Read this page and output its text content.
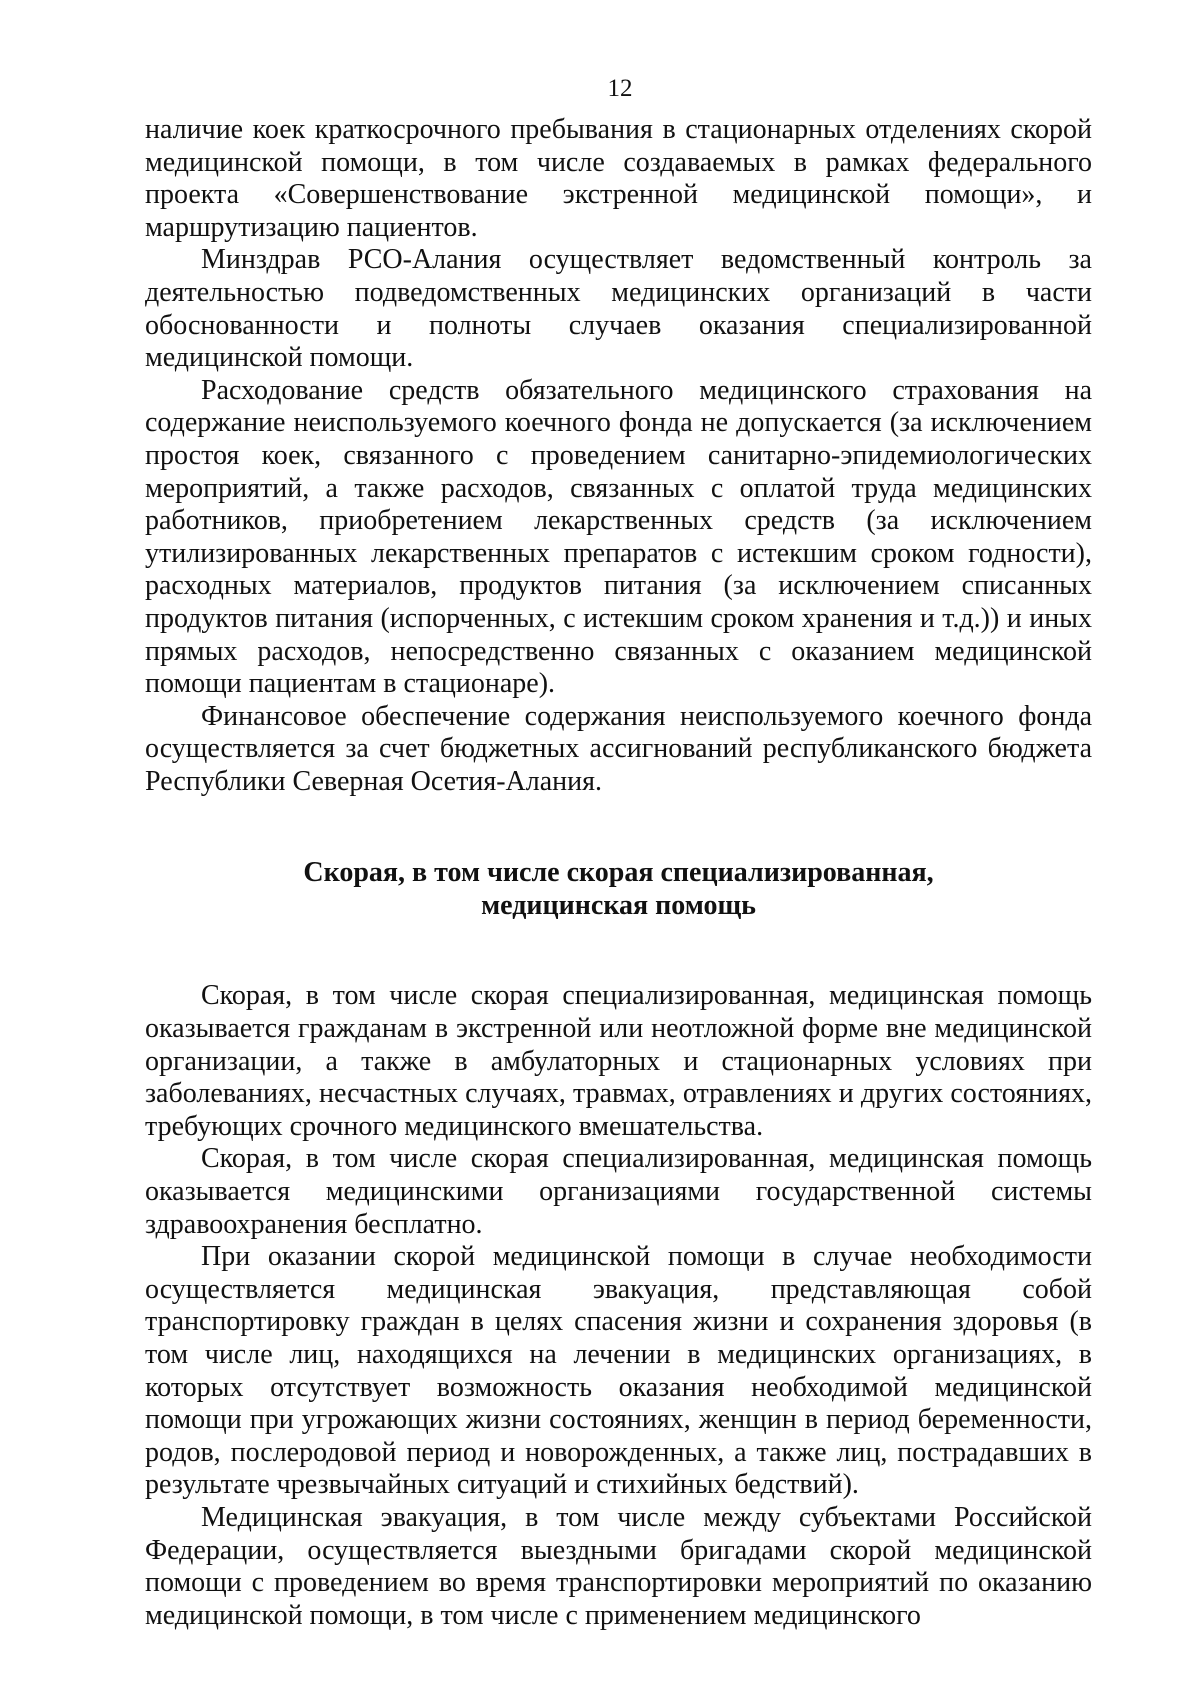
12

наличие коек краткосрочного пребывания в стационарных отделениях скорой медицинской помощи, в том числе создаваемых в рамках федерального проекта «Совершенствование экстренной медицинской помощи», и маршрутизацию пациентов.

Минздрав РСО-Алания осуществляет ведомственный контроль за деятельностью подведомственных медицинских организаций в части обоснованности и полноты случаев оказания специализированной медицинской помощи.

Расходование средств обязательного медицинского страхования на содержание неиспользуемого коечного фонда не допускается (за исключением простоя коек, связанного с проведением санитарно-эпидемиологических мероприятий, а также расходов, связанных с оплатой труда медицинских работников, приобретением лекарственных средств (за исключением утилизированных лекарственных препаратов с истекшим сроком годности), расходных материалов, продуктов питания (за исключением списанных продуктов питания (испорченных, с истекшим сроком хранения и т.д.)) и иных прямых расходов, непосредственно связанных с оказанием медицинской помощи пациентам в стационаре).

Финансовое обеспечение содержания неиспользуемого коечного фонда осуществляется за счет бюджетных ассигнований республиканского бюджета Республики Северная Осетия-Алания.

Скорая, в том числе скорая специализированная,
медицинская помощь

Скорая, в том числе скорая специализированная, медицинская помощь оказывается гражданам в экстренной или неотложной форме вне медицинской организации, а также в амбулаторных и стационарных условиях при заболеваниях, несчастных случаях, травмах, отравлениях и других состояниях, требующих срочного медицинского вмешательства.

Скорая, в том числе скорая специализированная, медицинская помощь оказывается медицинскими организациями государственной системы здравоохранения бесплатно.

При оказании скорой медицинской помощи в случае необходимости осуществляется медицинская эвакуация, представляющая собой транспортировку граждан в целях спасения жизни и сохранения здоровья (в том числе лиц, находящихся на лечении в медицинских организациях, в которых отсутствует возможность оказания необходимой медицинской помощи при угрожающих жизни состояниях, женщин в период беременности, родов, послеродовой период и новорожденных, а также лиц, пострадавших в результате чрезвычайных ситуаций и стихийных бедствий).

Медицинская эвакуация, в том числе между субъектами Российской Федерации, осуществляется выездными бригадами скорой медицинской помощи с проведением во время транспортировки мероприятий по оказанию медицинской помощи, в том числе с применением медицинского
